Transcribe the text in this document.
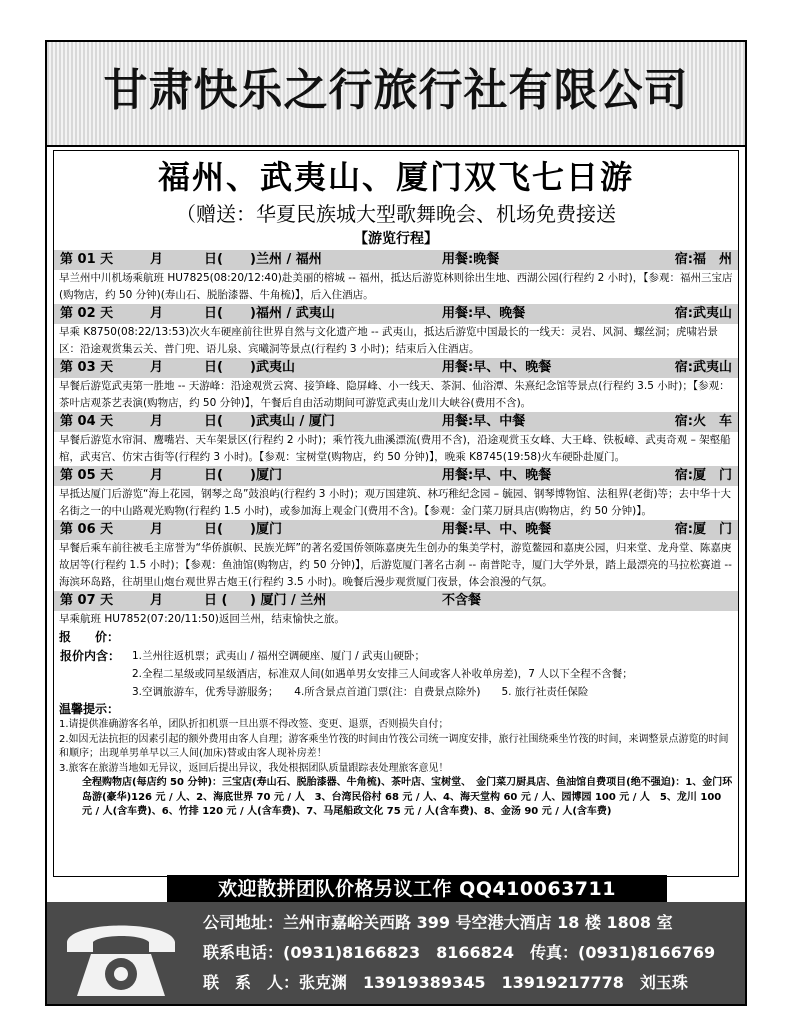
甘肃快乐之行旅行社有限公司
福州、武夷山、厦门双飞七日游
（赠送：华夏民族城大型歌舞晚会、机场免费接送
【游览行程】
第 01 天	月	日( )兰州 / 福州	用餐:晚餐	宿:福　州
早兰州中川机场乘航班 HU7825(08:20/12:40)赴美丽的榕城 -- 福州，抵达后游览林则徐出生地、西湖公园(行程约 2 小时)，【参观：福州三宝店(购物店，约 50 分钟)(寿山石、脱胎漆器、牛角梳)】，后入住酒店。
第 02 天	月	日( )福州 / 武夷山	用餐:早、晚餐	宿:武夷山
早乘 K8750(08:22/13:53)次火车硬座前往世界自然与文化遗产地 -- 武夷山，抵达后游览中国最长的一线天：灵岩、风洞、螺丝洞；虎啸岩景区：沿途观赏集云关、普门兜、语儿泉、宾曦洞等景点(行程约 3 小时)；结束后入住酒店。
第 03 天	月	日( )武夷山	用餐:早、中、晚餐	宿:武夷山
早餐后游览武夷第一胜地 -- 天游峰：沿途观赏云窝、接笋峰、隐屏峰、小一线天、茶洞、仙浴潭、朱熹纪念馆等景点(行程约 3.5 小时)；【参观：茶叶店观茶艺表演(购物店，约 50 分钟)】，午餐后自由活动期间可游览武夷山龙川大峡谷(费用不含)。
第 04 天	月	日( )武夷山 / 厦门	用餐:早、中餐	宿:火　车
早餐后游览水帘洞、鹰嘴岩、天车架景区(行程约 2 小时)；乘竹筏九曲溪漂流(费用不含)，沿途观赏玉女峰、大王峰、铁板嶂、武夷奇观 – 架壑船棺，武夷宫、仿宋古街等(行程约 3 小时)。【参观：宝树堂(购物店，约 50 分钟)】，晚乘 K8745(19:58)火车硬卧赴厦门。
第 05 天	月	日( )厦门	用餐:早、中、晚餐	宿:厦　门
早抵达厦门后游览“海上花园，钢琴之岛”鼓浪屿(行程约 3 小时)；观万国建筑、林巧稚纪念园 – 毓园、钢琴博物馆、法租界(老街)等；去中华十大名街之一的中山路观光购物(行程约 1.5 小时)，或参加海上观金门(费用不含)。【参观：金门菜刀厨具店(购物店，约 50 分钟)】。
第 06 天	月	日( )厦门	用餐:早、中、晚餐	宿:厦　门
早餐后乘车前往被毛主席誉为“华侨旗帜、民族光辉”的著名爱国侨领陈嘉庚先生创办的集美学村，游览鳌园和嘉庚公园，归来堂、龙舟堂、陈嘉庚故居等(行程约 1.5 小时)；【参观：鱼油馆(购物店，约 50 分钟)】，后游览厦门著名古刹 -- 南普陀寺，厦门大学外景，踏上最漂亮的马拉松赛道 -- 海滨环岛路，往胡里山炮台观世界古炮王(行程约 3.5 小时)。晚餐后漫步观赏厦门夜景，体会浪漫的气氛。
第 07 天	月	日 ( ) 厦门 / 兰州	不含餐
早乘航班 HU7852(07:20/11:50)返回兰州，结束愉快之旅。
报　　价：
报价内含： 1.兰州往返机票；武夷山 / 福州空调硬座、厦门 / 武夷山硬卧；
2.全程二星级或同星级酒店，标准双人间(如遇单男女安排三人间或客人补收单房差)，7 人以下全程不含餐；
3.空调旅游车，优秀导游服务；　　4.所含景点首道门票(注：自费景点除外)　　5. 旅行社责任保险
温馨提示：
1.请提供准确游客名单，团队折扣机票一旦出票不得改签、变更、退票，否则损失自付；
2.如因无法抗拒的因素引起的额外费用由客人自理；游客乘坐竹筏的时间由竹筏公司统一调度安排，旅行社围绕乘坐竹筏的时间，来调整景点游览的时间和顺序；出现单男单早以三人间(加床)替或由客人现补房差！
3.旅客在旅游当地如无异议，返回后提出异议，我处根据团队质量跟踪表处理旅客意见！
全程购物店(每店约 50 分钟)：三宝店(寿山石、脱胎漆器、牛角梳)、茶叶店、宝树堂、　金门菜刀厨具店、鱼油馆自费项目(绝不强迫)：1、金门环岛游(豪华)126 元 / 人、2、海底世界 70 元 / 人　3、台湾民俗村 68 元 / 人、4、海天堂构 60 元 / 人、园博园 100 元 / 人　5、龙川 100 元 / 人(含车费)、6、竹排 120 元 / 人(含车费)、7、马尾船政文化 75 元 / 人(含车费)、8、金汤 90 元 / 人(含车费)
欢迎散拼团队价格另议工作 QQ410063711
公司地址：兰州市嘉峪关西路 399 号空港大酒店 18 楼 1808 室
联系电话：(0931)8166823　8166824　传真：(0931)8166769
联　系　人：张克渊　13919389345　13919217778　刘玉珠
